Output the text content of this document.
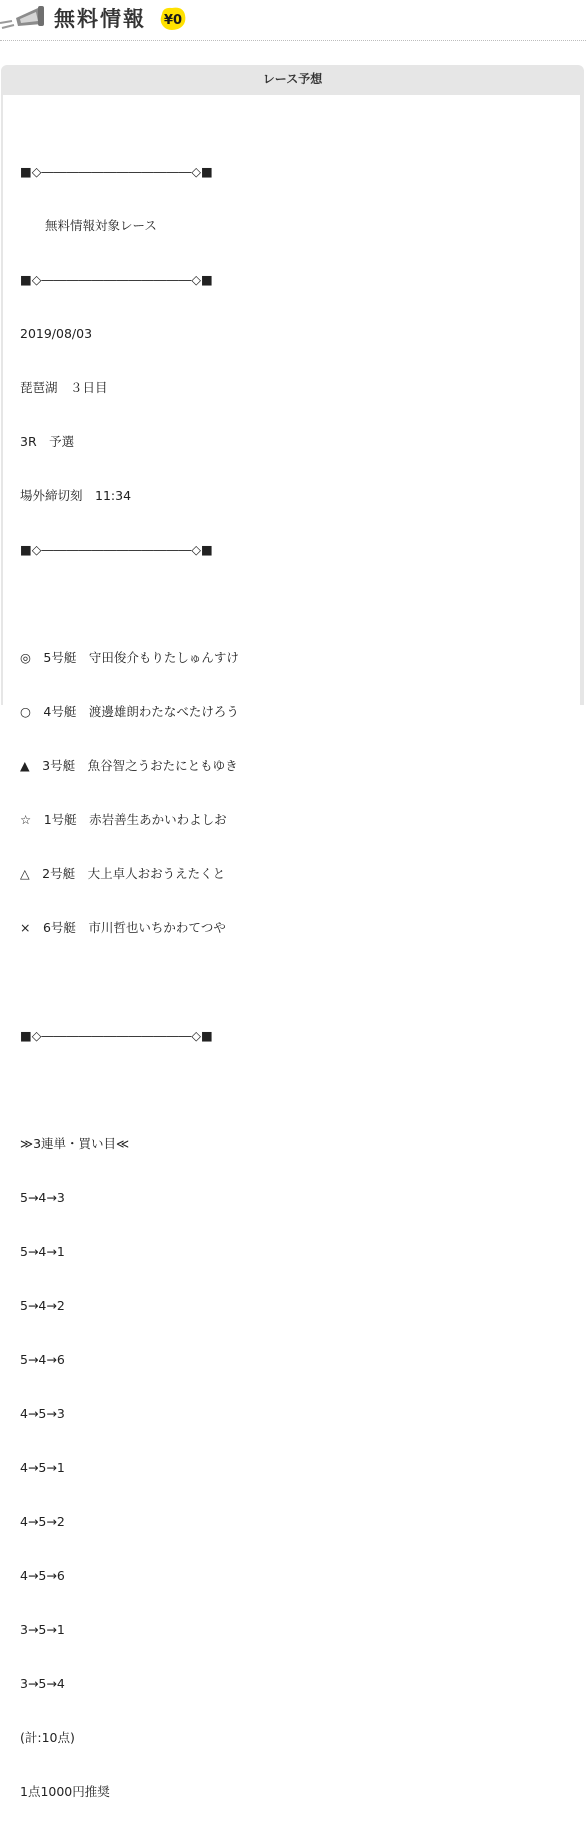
無料情報 ¥0
レース予想

■◇――――――――――――◇■

　　無料情報対象レース

■◇――――――――――――◇■

2019/08/03

琵琶湖　３日目

3R　予選

場外締切刻　11:34

■◇――――――――――――◇■

◎　5号艇　守田俊介もりたしゅんすけ

○　4号艇　渡邊雄朗わたなべたけろう

▲　3号艇　魚谷智之うおたにともゆき

☆　1号艇　赤岩善生あかいわよしお

△　2号艇　大上卓人おおうえたくと

×　6号艇　市川哲也いちかわてつや

■◇――――――――――――◇■

≫3連単・買い目≪

5→4→3

5→4→1

5→4→2

5→4→6

4→5→3

4→5→1

4→5→2

4→5→6

3→5→1

3→5→4

(計:10点)

1点1000円推奨
